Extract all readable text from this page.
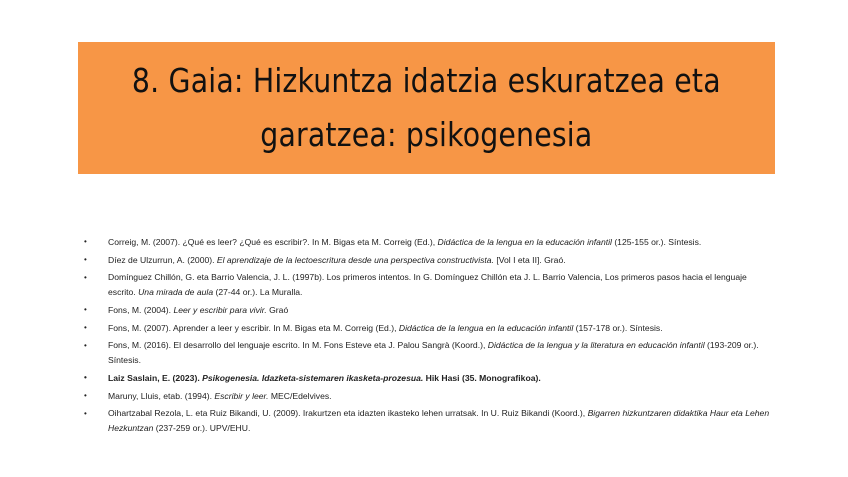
8. Gaia: Hizkuntza idatzia eskuratzea eta
garatzea: psikogenesia
• Correig, M. (2007). ¿Qué es leer? ¿Qué es escribir?. In M. Bigas eta M. Correig (Ed.), Didáctica de la lengua en la educación infantil (125-155 or.). Síntesis.
• Díez de Ulzurrun, A. (2000). El aprendizaje de la lectoescritura desde una perspectiva constructivista. [Vol I eta II]. Graó.
• Domínguez Chillón, G. eta Barrio Valencia, J. L. (1997b). Los primeros intentos. In G. Domínguez Chillón eta J. L. Barrio Valencia, Los primeros pasos hacia el lenguaje escrito. Una mirada de aula (27-44 or.). La Muralla.
• Fons, M. (2004). Leer y escribir para vivir. Graó
• Fons, M. (2007). Aprender a leer y escribir. In M. Bigas eta M. Correig (Ed.), Didáctica de la lengua en la educación infantil (157-178 or.). Síntesis.
• Fons, M. (2016). El desarrollo del lenguaje escrito. In M. Fons Esteve eta J. Palou Sangrà (Koord.), Didáctica de la lengua y la literatura en educación infantil (193-209 or.). Síntesis.
• Laiz Saslain, E. (2023). Psikogenesia. Idazketa-sistemaren ikasketa-prozesua. Hik Hasi (35. Monografikoa).
• Maruny, Lluis, etab. (1994). Escribir y leer. MEC/Edelvives.
• Oihartzabal Rezola, L. eta Ruiz Bikandi, U. (2009). Irakurtzen eta idazten ikasteko lehen urratsak. In U. Ruiz Bikandi (Koord.), Bigarren hizkuntzaren didaktika Haur eta Lehen Hezkuntzan (237-259 or.). UPV/EHU.
